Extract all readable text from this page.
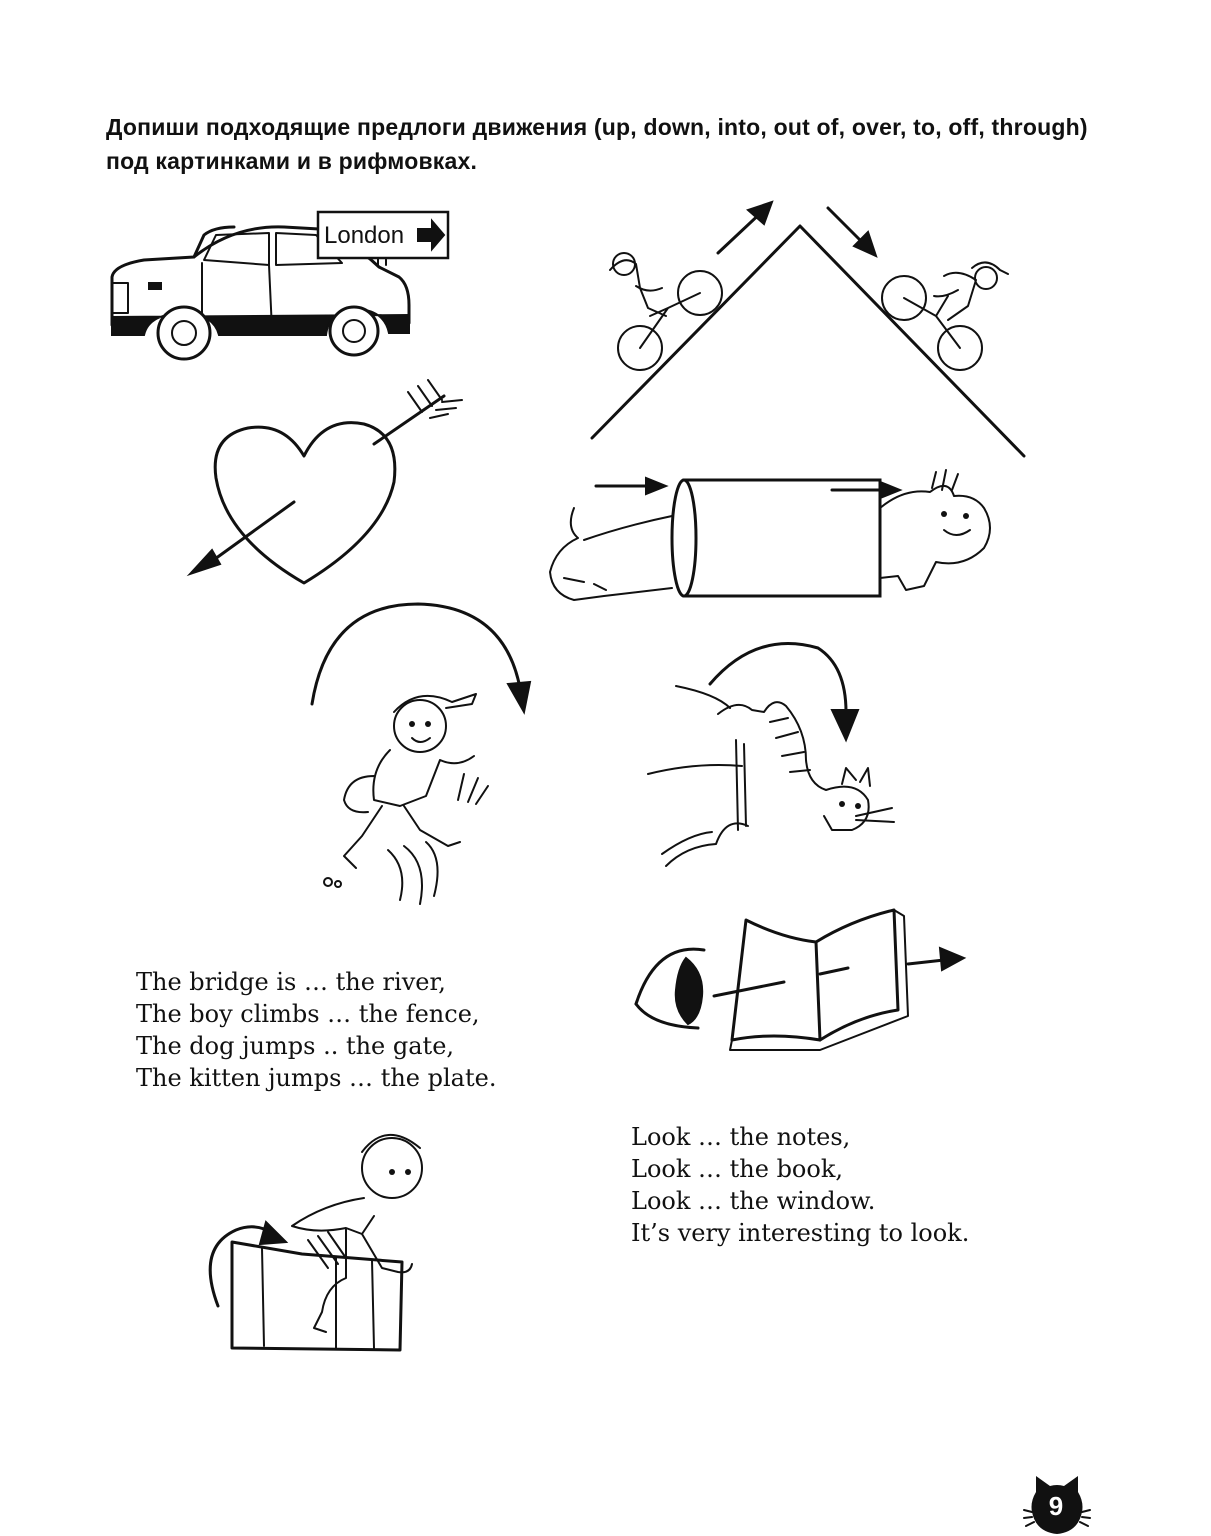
Допиши подходящие предлоги движения (up, down, into, out of, over, to, off, through) под картинками и в рифмовках.

London
The bridge is … the river,
The boy climbs … the fence,
The dog jumps .. the gate,
The kitten jumps … the plate.
Look … the notes,
Look … the book,
Look … the window.
It’s very interesting to look.
9
